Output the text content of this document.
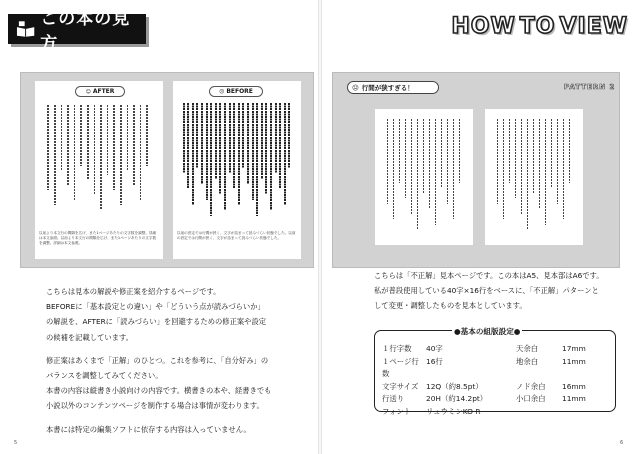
この本の見方
HOW TO VIEW
☺ AFTER
以前より本文行の間隔を広げ、また1ページあたりの文字数を調整。詳細は本文参照。以前より本文行の間隔を広げ、また1ページあたりの文字数を調整。詳細は本文参照。
☹ BEFORE
以前の設定では行間が狭く、文字が詰まって読みづらい状態でした。以前の設定では行間が狭く、文字が詰まって読みづらい状態でした。
☹ 行間が狭すぎる！	PATTERN 2

こちらは見本の解説や修正案を紹介するページです。
BEFOREに「基本設定との違い」や「どういう点が読みづらいか」
の解説を、AFTERに「読みづらい」を回避するための修正案や設定
の候補を記載しています。

修正案はあくまで「正解」のひとつ。これを参考に、「自分好み」の
バランスを調整してみてください。
本書の内容は縦書き小説向けの内容です。横書きの本や、経書きでも
小説以外のコンテンツページを制作する場合は事情が変わります。

本書には特定の編集ソフトに依存する内容は入っていません。

こちらは「不正解」見本ページです。この本はA5、見本部はA6です。
私が普段使用している40字×16行をベースに、「不正解」パターンと
して変更・調整したものを見本としています。
●基本の組版設定●
１行字数	40字	天余白	17mm
１ページ行数
16行	地余白	11mm
文字サイズ	12Q（約8.5pt）	ノド余白	16mm
行送り	20H（約14.2pt）	小口余白	11mm
フォント	リュウミンKO R
5	6
